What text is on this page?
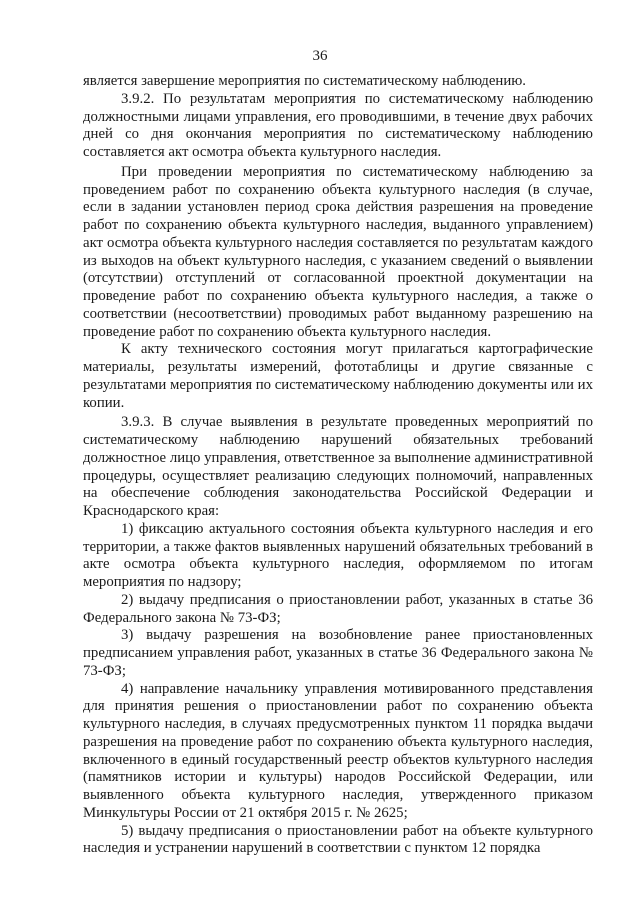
36

является завершение мероприятия по систематическому наблюдению.

3.9.2. По результатам мероприятия по систематическому наблюдению должностными лицами управления, его проводившими, в течение двух рабочих дней со дня окончания мероприятия по систематическому наблюдению составляется акт осмотра объекта культурного наследия.

При проведении мероприятия по систематическому наблюдению за проведением работ по сохранению объекта культурного наследия (в случае, если в задании установлен период срока действия разрешения на проведение работ по сохранению объекта культурного наследия, выданного управлением) акт осмотра объекта культурного наследия составляется по результатам каждого из выходов на объект культурного наследия, с указанием сведений о выявлении (отсутствии) отступлений от согласованной проектной документации на проведение работ по сохранению объекта культурного наследия, а также о соответствии (несоответствии) проводимых работ выданному разрешению на проведение работ по сохранению объекта культурного наследия.

К акту технического состояния могут прилагаться картографические материалы, результаты измерений, фототаблицы и другие связанные с результатами мероприятия по систематическому наблюдению документы или их копии.

3.9.3. В случае выявления в результате проведенных мероприятий по систематическому наблюдению нарушений обязательных требований должностное лицо управления, ответственное за выполнение административной процедуры, осуществляет реализацию следующих полномочий, направленных на обеспечение соблюдения законодательства Российской Федерации и Краснодарского края:

1) фиксацию актуального состояния объекта культурного наследия и его территории, а также фактов выявленных нарушений обязательных требований в акте осмотра объекта культурного наследия, оформляемом по итогам мероприятия по надзору;

2) выдачу предписания о приостановлении работ, указанных в статье 36 Федерального закона № 73-ФЗ;

3) выдачу разрешения на возобновление ранее приостановленных предписанием управления работ, указанных в статье 36 Федерального закона № 73-ФЗ;

4) направление начальнику управления мотивированного представления для принятия решения о приостановлении работ по сохранению объекта культурного наследия, в случаях предусмотренных пунктом 11 порядка выдачи разрешения на проведение работ по сохранению объекта культурного наследия, включенного в единый государственный реестр объектов культурного наследия (памятников истории и культуры) народов Российской Федерации, или выявленного объекта культурного наследия, утвержденного приказом Минкультуры России от 21 октября 2015 г. № 2625;

5) выдачу предписания о приостановлении работ на объекте культурного наследия и устранении нарушений в соответствии с пунктом 12 порядка
